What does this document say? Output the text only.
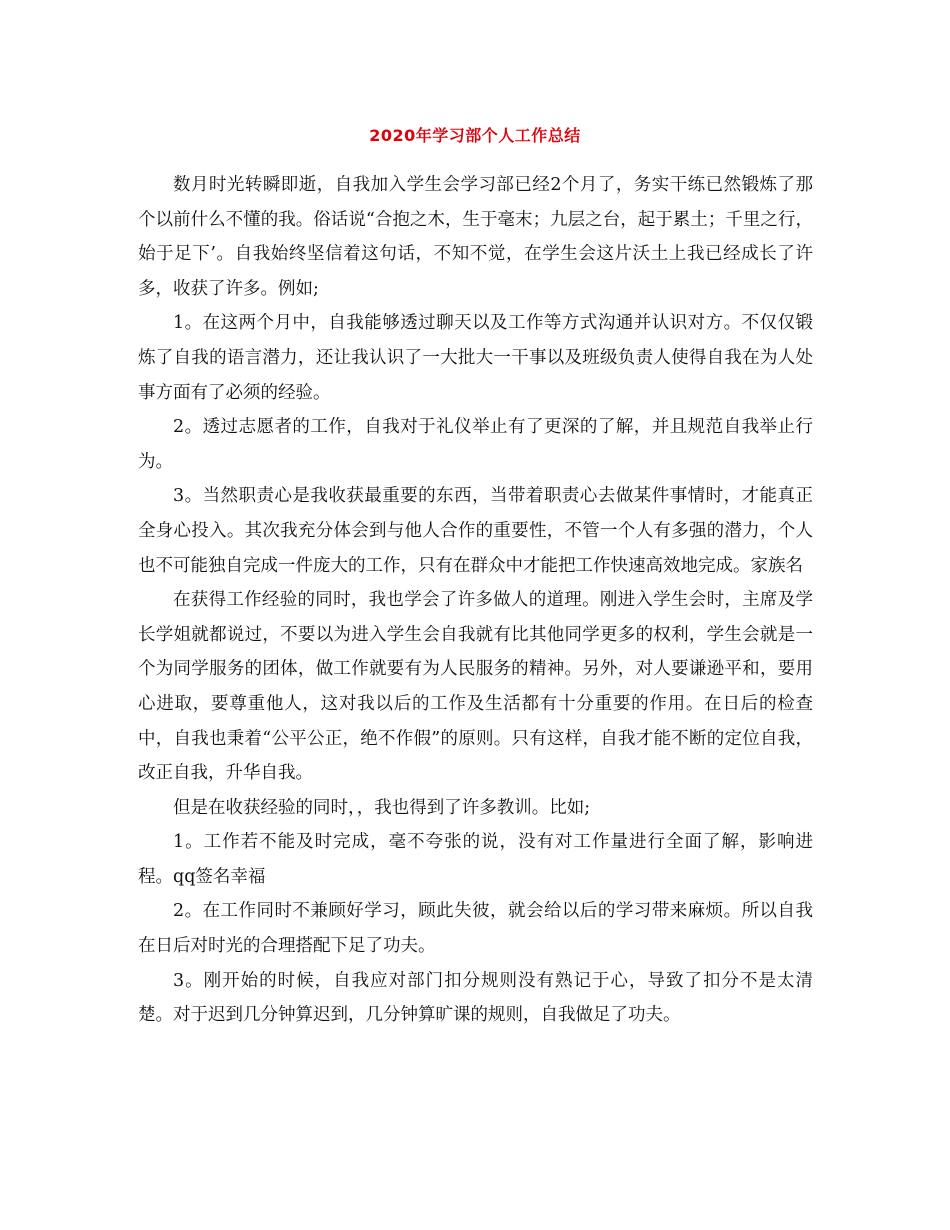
2020年学习部个人工作总结

数月时光转瞬即逝，自我加入学生会学习部已经2个月了，务实干练已然锻炼了那个以前什么不懂的我。俗话说“合抱之木，生于毫末；九层之台，起于累土；千里之行，始于足下’。自我始终坚信着这句话，不知不觉，在学生会这片沃土上我已经成长了许多，收获了许多。例如;

1。在这两个月中，自我能够透过聊天以及工作等方式沟通并认识对方。不仅仅锻炼了自我的语言潜力，还让我认识了一大批大一干事以及班级负责人使得自我在为人处事方面有了必须的经验。

2。透过志愿者的工作，自我对于礼仪举止有了更深的了解，并且规范自我举止行为。

3。当然职责心是我收获最重要的东西，当带着职责心去做某件事情时，才能真正全身心投入。其次我充分体会到与他人合作的重要性，不管一个人有多强的潜力，个人也不可能独自完成一件庞大的工作，只有在群众中才能把工作快速高效地完成。家族名

在获得工作经验的同时，我也学会了许多做人的道理。刚进入学生会时，主席及学长学姐就都说过，不要以为进入学生会自我就有比其他同学更多的权利，学生会就是一个为同学服务的团体，做工作就要有为人民服务的精神。另外，对人要谦逊平和，要用心进取，要尊重他人，这对我以后的工作及生活都有十分重要的作用。在日后的检查中，自我也秉着“公平公正，绝不作假”的原则。只有这样，自我才能不断的定位自我，改正自我，升华自我。

但是在收获经验的同时，，我也得到了许多教训。比如;

1。工作若不能及时完成，毫不夸张的说，没有对工作量进行全面了解，影响进程。qq签名幸福

2。在工作同时不兼顾好学习，顾此失彼，就会给以后的学习带来麻烦。所以自我在日后对时光的合理搭配下足了功夫。

3。刚开始的时候，自我应对部门扣分规则没有熟记于心，导致了扣分不是太清楚。对于迟到几分钟算迟到，几分钟算旷课的规则，自我做足了功夫。
